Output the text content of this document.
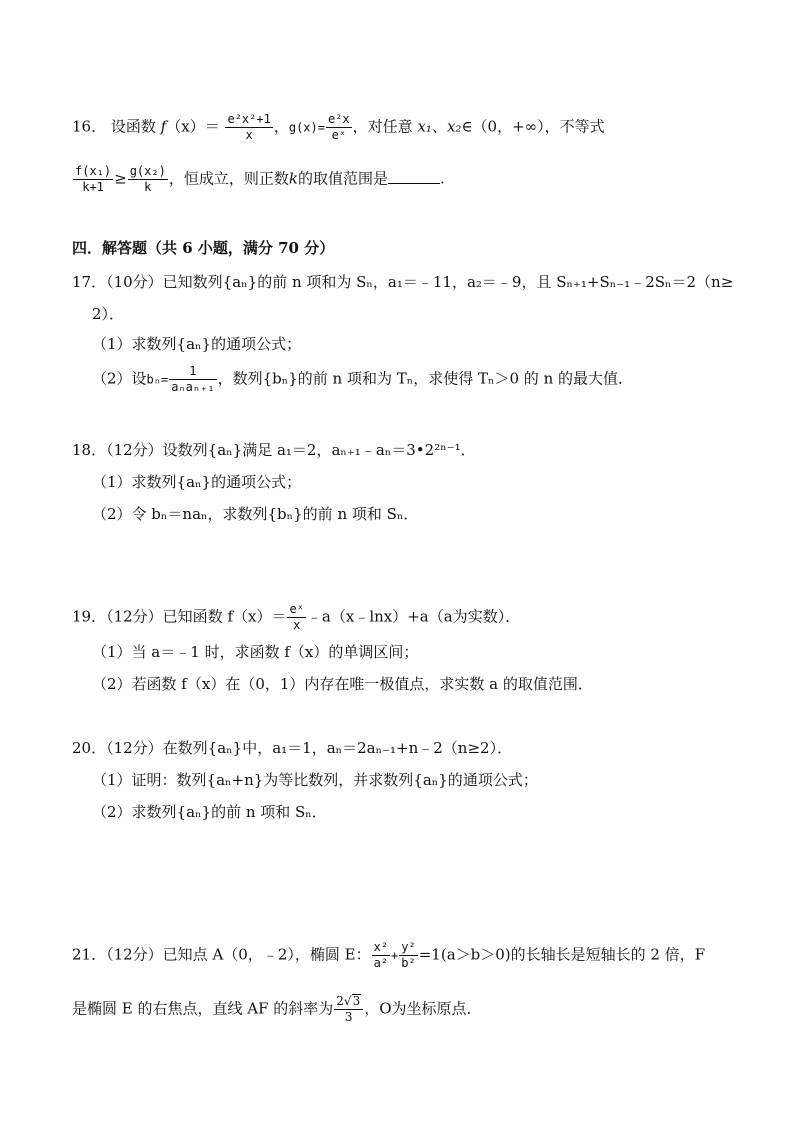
16． 设函数 $f(x)= \frac{\text{e²x²+1}}{x}$ ，$g(x)= \frac{\text{e²x}}{\text{eˣ}}$ ，对任意 x₁、x₂∈（0，+∞），不等式
$\frac{\text{f(x₁)}}{k+1} \ge \frac{\text{g(x₂)}}{k}$ ，恒成立，则正数k的取值范围是	.
四．解答题（共 6 小题，满分 70 分）
17．（10分）已知数列{aₙ}的前 n 项和为 Sₙ，a₁＝﹣11，a₂＝﹣9，且 Sₙ₊₁+Sₙ₋₁﹣2Sₙ＝2（n≥
2）．
（1）求数列{aₙ}的通项公式；
（2）设$b_n= \frac{1}{\text{aₙaₙ₊₁}}$ ，数列{bₙ}的前 n 项和为 Tₙ，求使得 Tₙ＞0 的 n 的最大值．
18．（12分）设数列{aₙ}满足 a₁＝2，aₙ₊₁﹣aₙ＝3•2²ⁿ⁻¹．
（1）求数列{aₙ}的通项公式；
（2）令 bₙ＝naₙ，求数列{bₙ}的前 n 项和 Sₙ．
19．（12分）已知函数 $f(x)= \frac{\text{eˣ}}{x}$ ﹣a（x﹣lnx）+a（a为实数）．
（1）当 a＝﹣1 时，求函数 f（x）的单调区间；
（2）若函数 f（x）在（0，1）内存在唯一极值点，求实数 a 的取值范围．
20．（12分）在数列{aₙ}中，a₁＝1，aₙ＝2aₙ₋₁+n﹣2（n≥2）．
（1）证明：数列{aₙ+n}为等比数列，并求数列{aₙ}的通项公式；
（2）求数列{aₙ}的前 n 项和 Sₙ．
21．（12分）已知点 A（0，﹣2），椭圆 E： $\frac{\text{x²}}{\text{a²}} + \frac{\text{y²}}{\text{b²}} =1(a>b>0)$的长轴长是短轴长的 2 倍，F
是椭圆 E 的右焦点，直线 AF 的斜率为 $\frac{2√3}{3}$ ，O为坐标原点．
